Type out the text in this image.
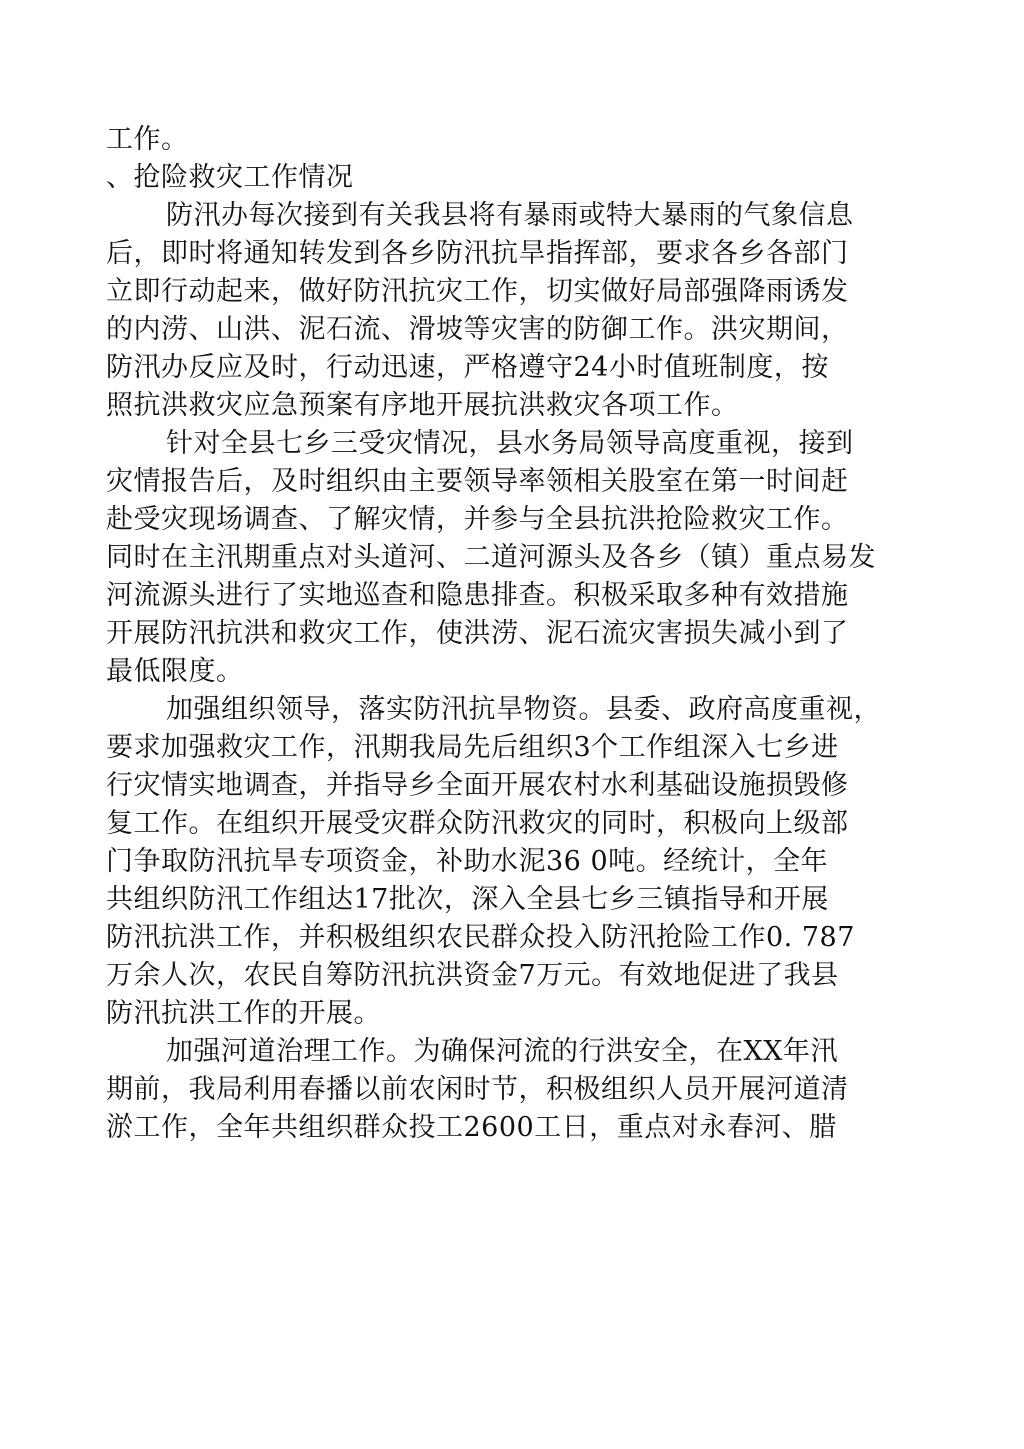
工作。
、抢险救灾工作情况
防汛办每次接到有关我县将有暴雨或特大暴雨的气象信息
后，即时将通知转发到各乡防汛抗旱指挥部，要求各乡各部门
立即行动起来，做好防汛抗灾工作，切实做好局部强降雨诱发
的内涝、山洪、泥石流、滑坡等灾害的防御工作。洪灾期间，
防汛办反应及时，行动迅速，严格遵守24小时值班制度，按
照抗洪救灾应急预案有序地开展抗洪救灾各项工作。
针对全县七乡三受灾情况，县水务局领导高度重视，接到
灾情报告后，及时组织由主要领导率领相关股室在第一时间赶
赴受灾现场调查、了解灾情，并参与全县抗洪抢险救灾工作。
同时在主汛期重点对头道河、二道河源头及各乡（镇）重点易发
河流源头进行了实地巡查和隐患排查。积极采取多种有效措施
开展防汛抗洪和救灾工作，使洪涝、泥石流灾害损失减小到了
最低限度。
加强组织领导，落实防汛抗旱物资。县委、政府高度重视，
要求加强救灾工作，汛期我局先后组织3个工作组深入七乡进
行灾情实地调查，并指导乡全面开展农村水利基础设施损毁修
复工作。在组织开展受灾群众防汛救灾的同时，积极向上级部
门争取防汛抗旱专项资金，补助水泥36 0吨。经统计，全年
共组织防汛工作组达17批次，深入全县七乡三镇指导和开展
防汛抗洪工作，并积极组织农民群众投入防汛抢险工作0. 787
万余人次，农民自筹防汛抗洪资金7万元。有效地促进了我县
防汛抗洪工作的开展。
加强河道治理工作。为确保河流的行洪安全，在XX年汛
期前，我局利用春播以前农闲时节，积极组织人员开展河道清
淤工作，全年共组织群众投工2600工日，重点对永春河、腊
